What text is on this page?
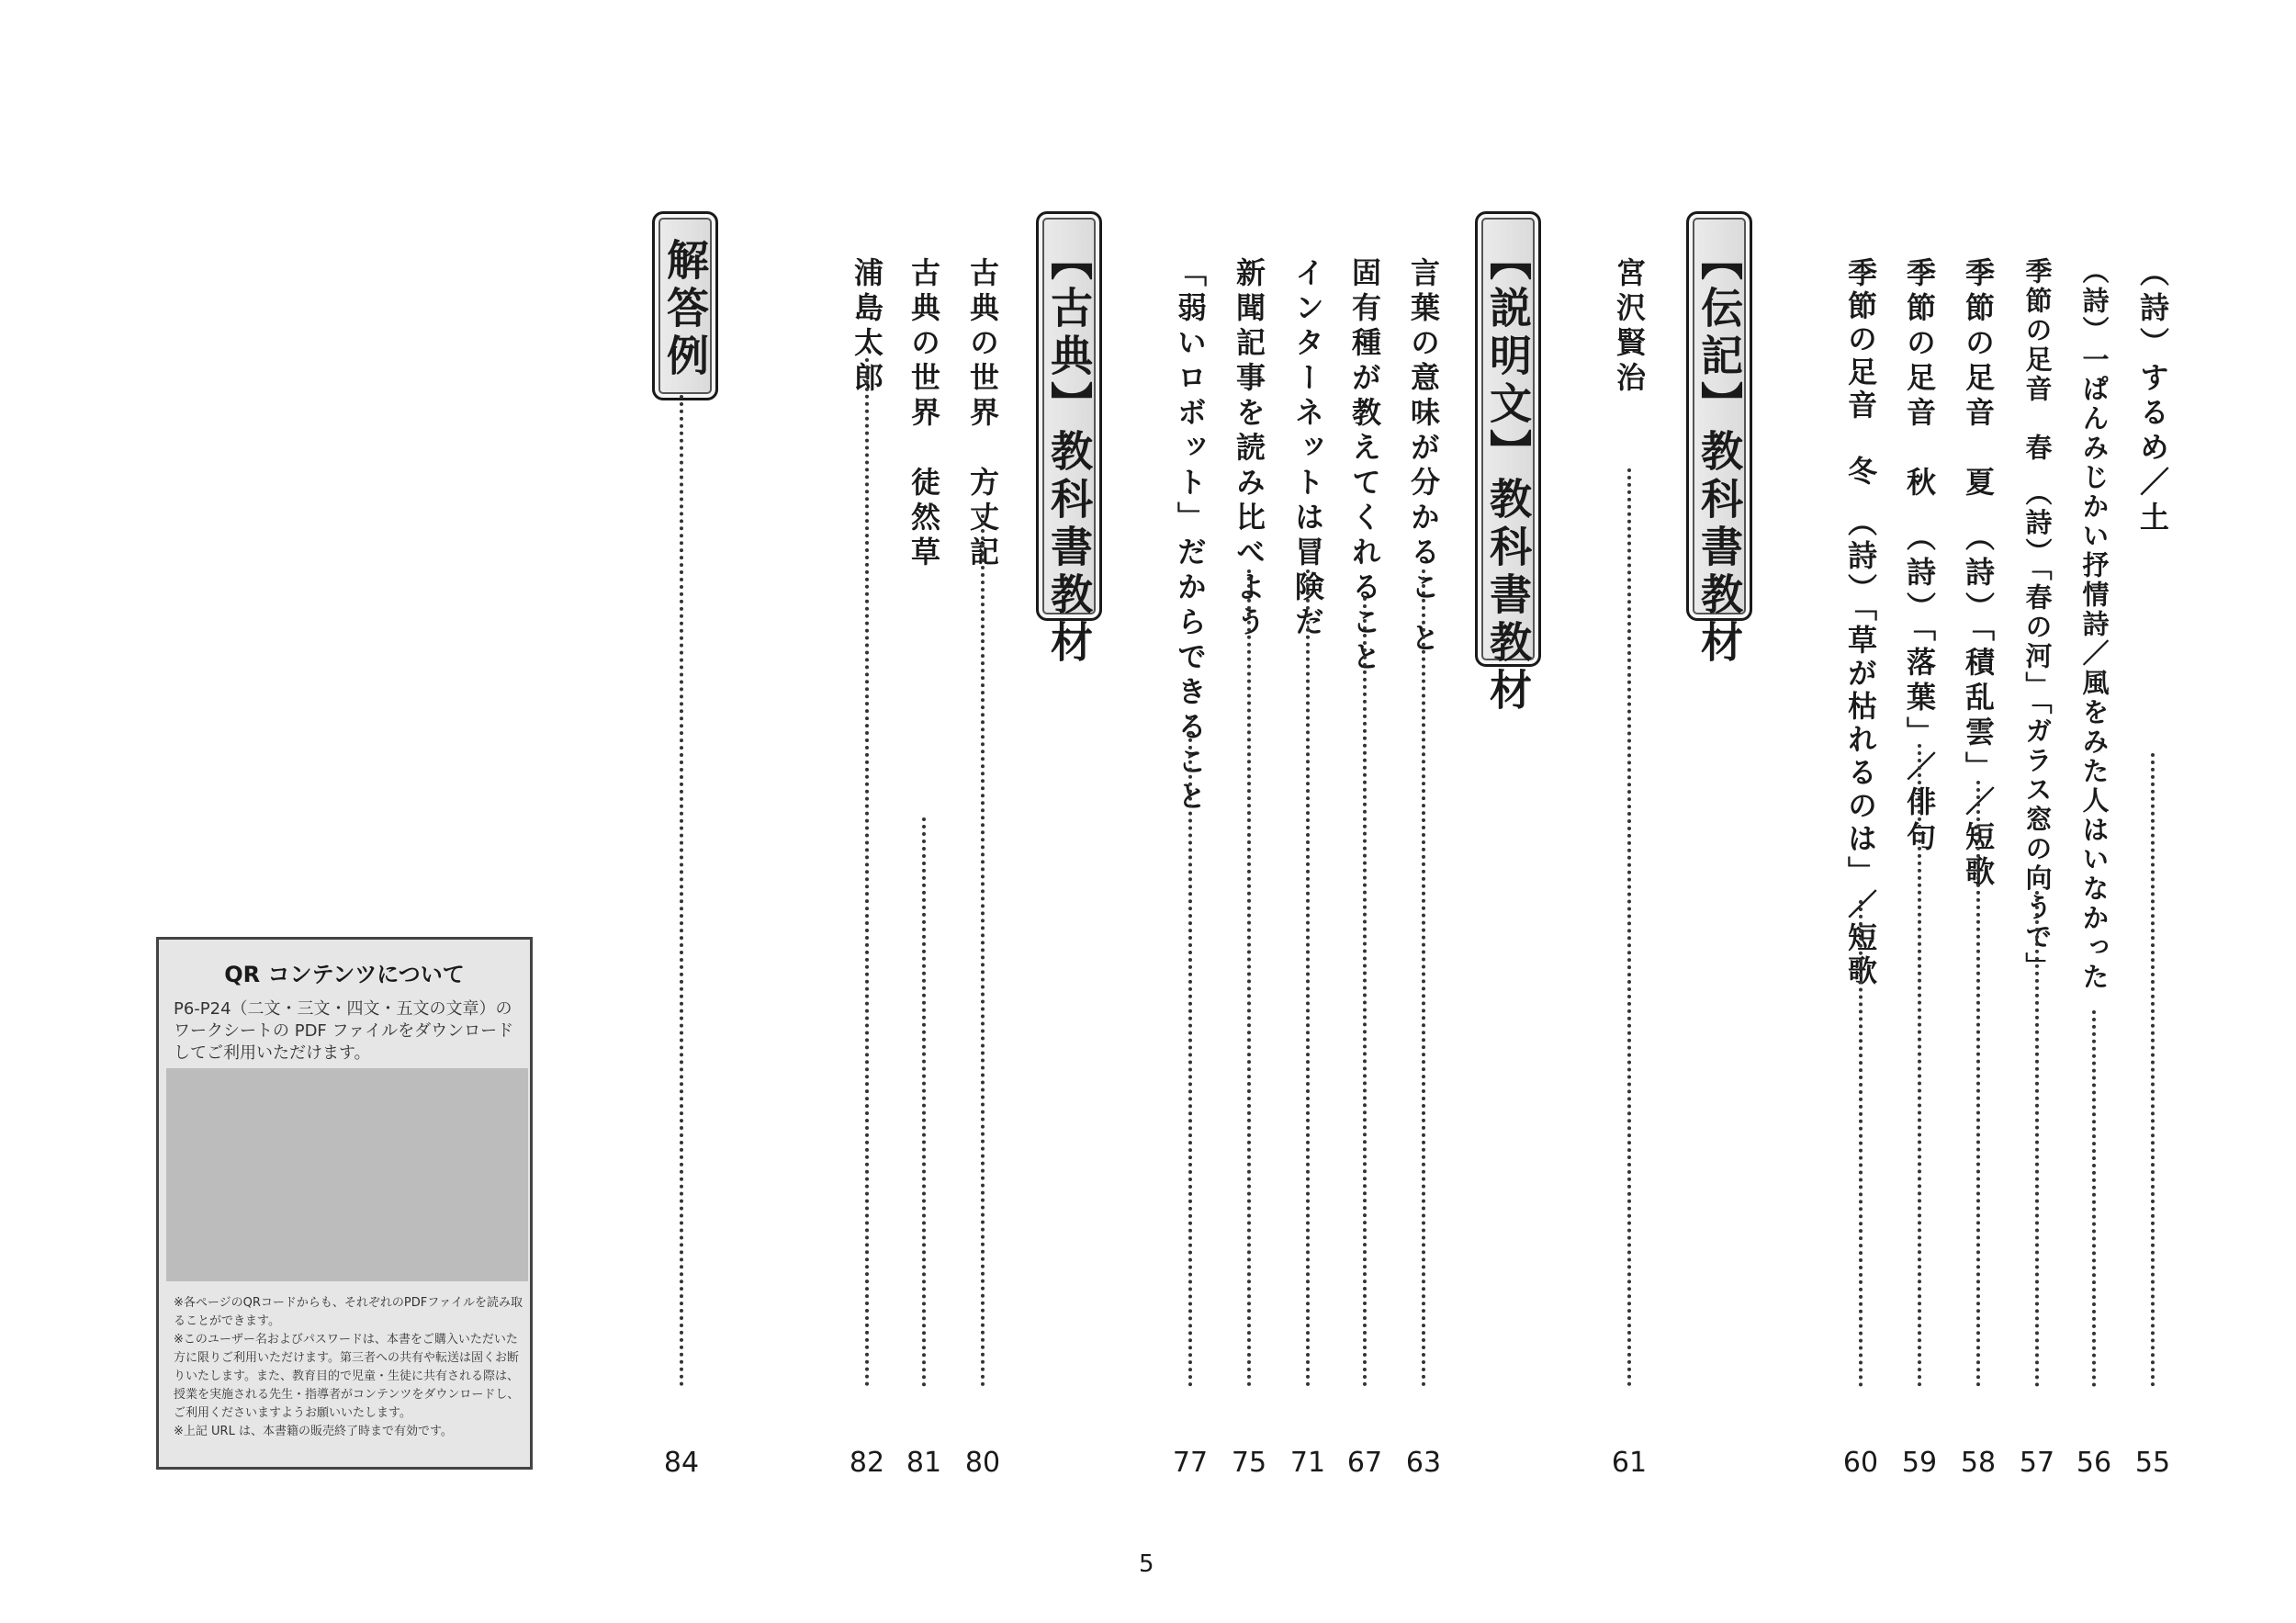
（詩）するめ／土
55
（詩）一ぱんみじかい抒情詩／風をみた人はいなかった
56
季節の足音　春　（詩）「春の河」「ガラス窓の向うで」
57
季節の足音　夏　（詩）「積乱雲」／短歌
58
季節の足音　秋　（詩）「落葉」／俳句
59
季節の足音　冬　（詩）「草が枯れるのは」／短歌
60
【伝記】教科書教材
宮沢賢治
61
【説明文】教科書教材
言葉の意味が分かるこ と
63
固有種が教えてくれること
67
インターネットは冒険だ
71
新聞記事を読み比べよう
75
「弱いロボット」だからできること
77
【古典】教科書教材
古典の世界　方丈記
80
古典の世界　徒然草
81
浦島太郎
82
解答例
84
QR コンテンツについて
P6-P24（二文・三文・四文・五文の文章）のワークシートの PDF ファイルをダウンロードしてご利用いただけます。
※各ページのQRコードからも、それぞれのPDFファイルを読み取ることができます。
※このユーザー名およびパスワードは、本書をご購入いただいた方に限りご利用いただけます。第三者への共有や転送は固くお断りいたします。また、教育目的で児童・生徒に共有される際は、授業を実施される先生・指導者がコンテンツをダウンロードし、ご利用くださいますようお願いいたします。
※上記 URL は、本書籍の販売終了時まで有効です。
5
